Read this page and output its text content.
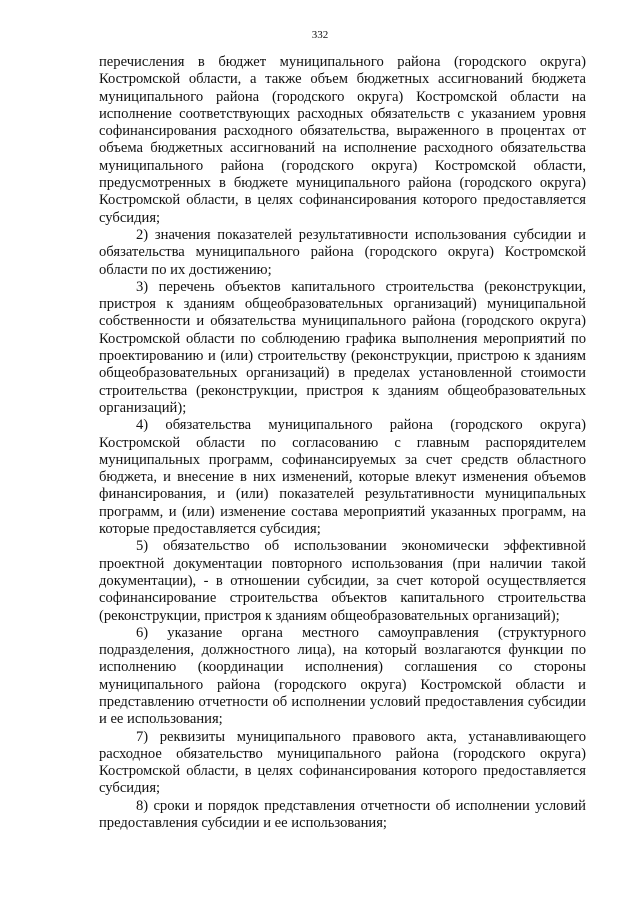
332

перечисления в бюджет муниципального района (городского округа) Костромской области, а также объем бюджетных ассигнований бюджета муниципального района (городского округа) Костромской области на исполнение соответствующих расходных обязательств с указанием уровня софинансирования расходного обязательства, выраженного в процентах от объема бюджетных ассигнований на исполнение расходного обязательства муниципального района (городского округа) Костромской области, предусмотренных в бюджете муниципального района (городского округа) Костромской области, в целях софинансирования которого предоставляется субсидия;

2) значения показателей результативности использования субсидии и обязательства муниципального района (городского округа) Костромской области по их достижению;

3) перечень объектов капитального строительства (реконструкции, пристроя к зданиям общеобразовательных организаций) муниципальной собственности и обязательства муниципального района (городского округа) Костромской области по соблюдению графика выполнения мероприятий по проектированию и (или) строительству (реконструкции, пристрою к зданиям общеобразовательных организаций) в пределах установленной стоимости строительства (реконструкции, пристроя к зданиям общеобразовательных организаций);

4) обязательства муниципального района (городского округа) Костромской области по согласованию с главным распорядителем муниципальных программ, софинансируемых за счет средств областного бюджета, и внесение в них изменений, которые влекут изменения объемов финансирования, и (или) показателей результативности муниципальных программ, и (или) изменение состава мероприятий указанных программ, на которые предоставляется субсидия;

5) обязательство об использовании экономически эффективной проектной документации повторного использования (при наличии такой документации), - в отношении субсидии, за счет которой осуществляется софинансирование строительства объектов капитального строительства (реконструкции, пристроя к зданиям общеобразовательных организаций);

6) указание органа местного самоуправления (структурного подразделения, должностного лица), на который возлагаются функции по исполнению (координации исполнения) соглашения со стороны муниципального района (городского округа) Костромской области и представлению отчетности об исполнении условий предоставления субсидии и ее использования;

7) реквизиты муниципального правового акта, устанавливающего расходное обязательство муниципального района (городского округа) Костромской области, в целях софинансирования которого предоставляется субсидия;

8) сроки и порядок представления отчетности об исполнении условий предоставления субсидии и ее использования;
